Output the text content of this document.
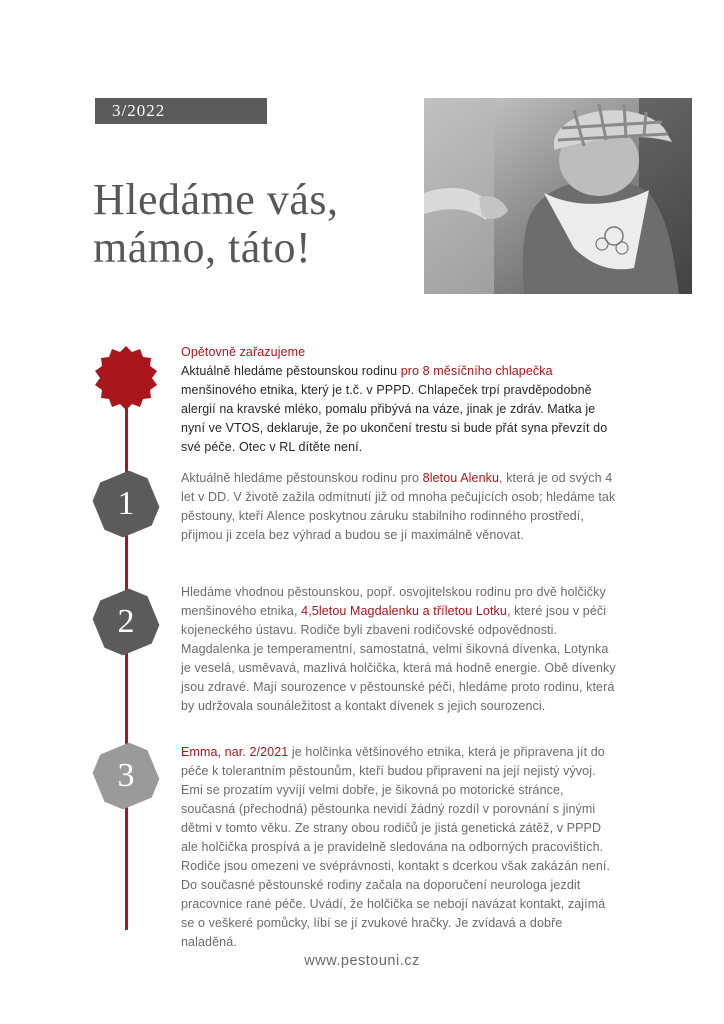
3/2022
Hledáme vás,
mámo, táto!
1
2
3

Opětovně zařazujeme

Aktuálně hledáme pěstounskou rodinu pro 8 měsíčního chlapečka menšinového etnika, který je t.č. v PPPD. Chlapeček trpí pravděpodobně alergií na kravské mléko, pomalu přibývá na váze, jinak je zdráv. Matka je nyní ve VTOS, deklaruje, že po ukončení trestu si bude přát syna převzít do své péče. Otec v RL dítěte není.

Aktuálně hledáme pěstounskou rodinu pro 8letou Alenku, která je od svých 4 let v DD. V životě zažila odmítnutí již od mnoha pečujících osob; hledáme tak pěstouny, kteří Alence poskytnou záruku stabilního rodinného prostředí, přijmou ji zcela bez výhrad a budou se jí maximálně věnovat.

Hledáme vhodnou pěstounskou, popř. osvojitelskou rodinu pro dvě holčičky menšinového etnika, 4,5letou Magdalenku a tříletou Lotku, které jsou v péči kojeneckého ústavu. Rodiče byli zbaveni rodičovské odpovědnosti. Magdalenka je temperamentní, samostatná, velmi šikovná dívenka, Lotynka je veselá, usměvavá, mazlivá holčička, která má hodně energie. Obě dívenky jsou zdravé. Mají sourozence v pěstounské péči, hledáme proto rodinu, která by udržovala sounáležitost a kontakt dívenek s jejich sourozenci.

Emma, nar. 2/2021 je holčinka většinového etnika, která je připravena jít do péče k tolerantním pěstounům, kteří budou připraveni na její nejistý vývoj. Emi se prozatím vyvíjí velmi dobře, je šikovná po motorické stránce, současná (přechodná) pěstounka nevidí žádný rozdíl v porovnání s jinými dětmi v tomto věku. Ze strany obou rodičů je jistá genetická zátěž, v PPPD ale holčička prospívá a je pravidelně sledována na odborných pracovištích. Rodiče jsou omezeni ve svéprávnosti, kontakt s dcerkou však zakázán není. Do současné pěstounské rodiny začala na doporučení neurologa jezdit pracovnice rané péče. Uvádí, že holčička se nebojí navázat kontakt, zajímá se o veškeré pomůcky, líbí se jí zvukové hračky. Je zvídavá a dobře naladěná.

www.pestouni.cz
